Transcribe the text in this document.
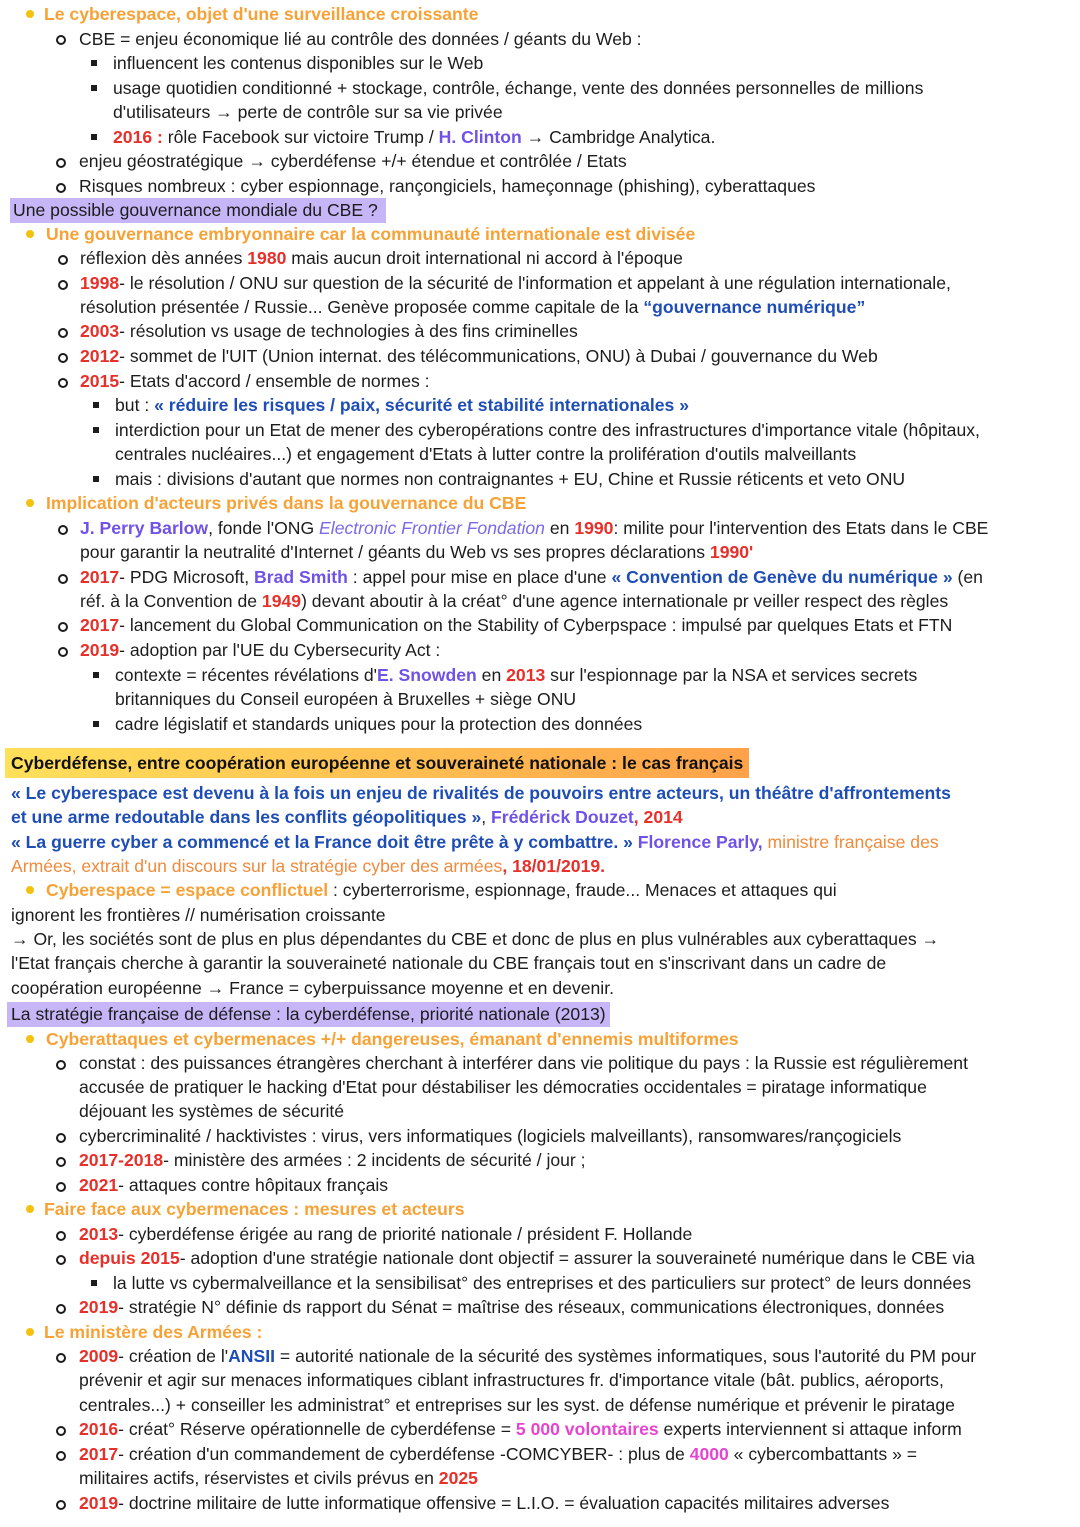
Le cyberespace, objet d'une surveillance croissante
CBE = enjeu économique lié au contrôle des données / géants du Web :
influencent les contenus disponibles sur le Web
usage quotidien conditionné + stockage, contrôle, échange, vente des données personnelles de millions
d'utilisateurs → perte de contrôle sur sa vie privée
2016 : rôle Facebook sur victoire Trump / H. Clinton → Cambridge Analytica.
enjeu géostratégique → cyberdéfense +/+ étendue et contrôlée / Etats
Risques nombreux : cyber espionnage, rançongiciels, hameçonnage (phishing), cyberattaques
Une possible gouvernance mondiale du CBE ?
Une gouvernance embryonnaire car la communauté internationale est divisée
réflexion dès années 1980 mais aucun droit international ni accord à l'époque
1998- le résolution / ONU sur question de la sécurité de l'information et appelant à une régulation internationale,
résolution présentée / Russie... Genève proposée comme capitale de la “gouvernance numérique”
2003- résolution vs usage de technologies à des fins criminelles
2012- sommet de l'UIT (Union internat. des télécommunications, ONU) à Dubai / gouvernance du Web
2015- Etats d'accord / ensemble de normes :
but : « réduire les risques / paix, sécurité et stabilité internationales »
interdiction pour un Etat de mener des cyberopérations contre des infrastructures d'importance vitale (hôpitaux,
centrales nucléaires...) et engagement d'Etats à lutter contre la prolifération d'outils malveillants
mais : divisions d'autant que normes non contraignantes + EU, Chine et Russie réticents et veto ONU
Implication d'acteurs privés dans la gouvernance du CBE
J. Perry Barlow, fonde l'ONG Electronic Frontier Fondation en 1990: milite pour l'intervention des Etats dans le CBE
pour garantir la neutralité d'Internet / géants du Web vs ses propres déclarations 1990'
2017- PDG Microsoft, Brad Smith : appel pour mise en place d'une « Convention de Genève du numérique » (en
réf. à la Convention de 1949) devant aboutir à la créat° d'une agence internationale pr veiller respect des règles
2017- lancement du Global Communication on the Stability of Cyberpspace : impulsé par quelques Etats et FTN
2019- adoption par l'UE du Cybersecurity Act :
contexte = récentes révélations d'E. Snowden en 2013 sur l'espionnage par la NSA et services secrets
britanniques du Conseil européen à Bruxelles + siège ONU
cadre législatif et standards uniques pour la protection des données
Cyberdéfense, entre coopération européenne et souveraineté nationale : le cas français
« Le cyberespace est devenu à la fois un enjeu de rivalités de pouvoirs entre acteurs, un théâtre d'affrontements
et une arme redoutable dans les conflits géopolitiques », Frédérick Douzet, 2014
« La guerre cyber a commencé et la France doit être prête à y combattre. » Florence Parly, ministre française des
Armées, extrait d'un discours sur la stratégie cyber des armées, 18/01/2019.
Cyberespace = espace conflictuel : cyberterrorisme, espionnage, fraude... Menaces et attaques qui
ignorent les frontières // numérisation croissante
→ Or, les sociétés sont de plus en plus dépendantes du CBE et donc de plus en plus vulnérables aux cyberattaques →
l'Etat français cherche à garantir la souveraineté nationale du CBE français tout en s'inscrivant dans un cadre de
coopération européenne → France = cyberpuissance moyenne et en devenir.
La stratégie française de défense : la cyberdéfense, priorité nationale (2013)
Cyberattaques et cybermenaces +/+ dangereuses, émanant d'ennemis multiformes
constat : des puissances étrangères cherchant à interférer dans vie politique du pays : la Russie est régulièrement
accusée de pratiquer le hacking d'Etat pour déstabiliser les démocraties occidentales = piratage informatique
déjouant les systèmes de sécurité
cybercriminalité / hacktivistes : virus, vers informatiques (logiciels malveillants), ransomwares/rançogiciels
2017-2018- ministère des armées : 2 incidents de sécurité / jour ;
2021- attaques contre hôpitaux français
Faire face aux cybermenaces : mesures et acteurs
2013- cyberdéfense érigée au rang de priorité nationale / président F. Hollande
depuis 2015- adoption d'une stratégie nationale dont objectif = assurer la souveraineté numérique dans le CBE via
la lutte vs cybermalveillance et la sensibilisat° des entreprises et des particuliers sur protect° de leurs données
2019- stratégie N° définie ds rapport du Sénat = maîtrise des réseaux, communications électroniques, données
Le ministère des Armées :
2009- création de l'ANSII = autorité nationale de la sécurité des systèmes informatiques, sous l'autorité du PM pour
prévenir et agir sur menaces informatiques ciblant infrastructures fr. d'importance vitale (bât. publics, aéroports,
centrales...) + conseiller les administrat° et entreprises sur les syst. de défense numérique et prévenir le piratage
2016- créat° Réserve opérationnelle de cyberdéfense = 5 000 volontaires experts interviennent si attaque inform
2017- création d'un commandement de cyberdéfense -COMCYBER- : plus de 4000 « cybercombattants » =
militaires actifs, réservistes et civils prévus en 2025
2019- doctrine militaire de lutte informatique offensive = L.I.O. = évaluation capacités militaires adverses
